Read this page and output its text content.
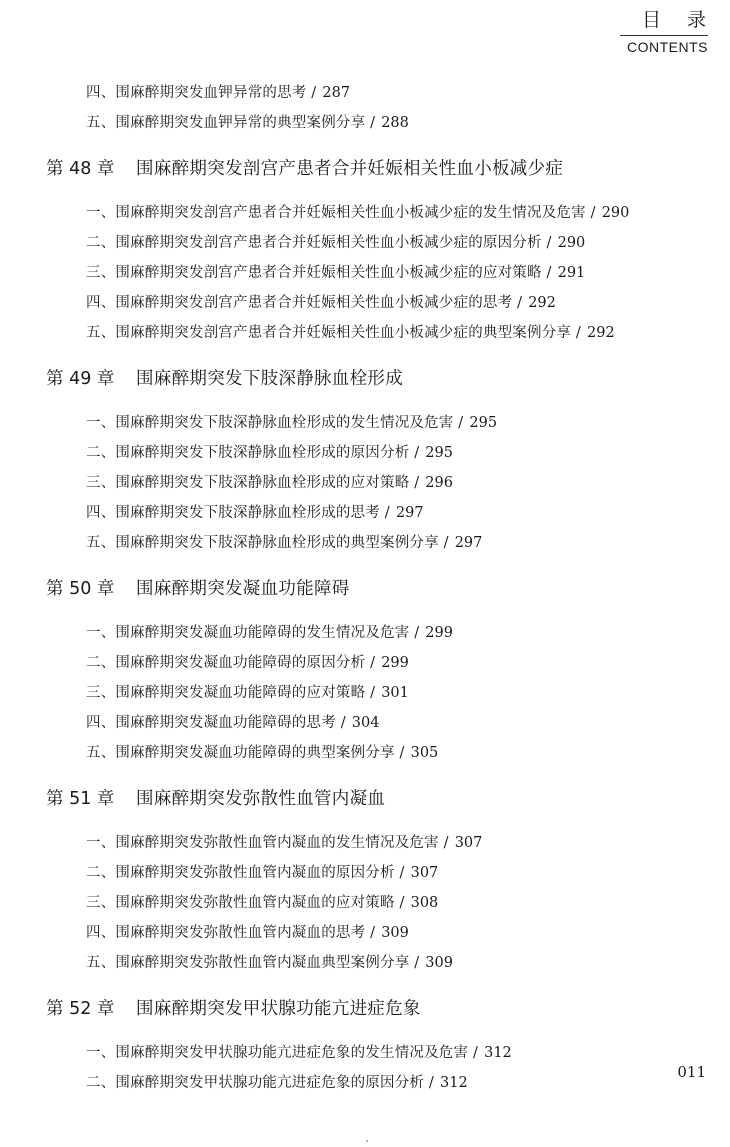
目 录
CONTENTS
四、围麻醉期突发血钾异常的思考 / 287
五、围麻醉期突发血钾异常的典型案例分享 / 288
第 48 章 围麻醉期突发剖宫产患者合并妊娠相关性血小板减少症
一、围麻醉期突发剖宫产患者合并妊娠相关性血小板减少症的发生情况及危害 / 290
二、围麻醉期突发剖宫产患者合并妊娠相关性血小板减少症的原因分析 / 290
三、围麻醉期突发剖宫产患者合并妊娠相关性血小板减少症的应对策略 / 291
四、围麻醉期突发剖宫产患者合并妊娠相关性血小板减少症的思考 / 292
五、围麻醉期突发剖宫产患者合并妊娠相关性血小板减少症的典型案例分享 / 292
第 49 章 围麻醉期突发下肢深静脉血栓形成
一、围麻醉期突发下肢深静脉血栓形成的发生情况及危害 / 295
二、围麻醉期突发下肢深静脉血栓形成的原因分析 / 295
三、围麻醉期突发下肢深静脉血栓形成的应对策略 / 296
四、围麻醉期突发下肢深静脉血栓形成的思考 / 297
五、围麻醉期突发下肢深静脉血栓形成的典型案例分享 / 297
第 50 章 围麻醉期突发凝血功能障碍
一、围麻醉期突发凝血功能障碍的发生情况及危害 / 299
二、围麻醉期突发凝血功能障碍的原因分析 / 299
三、围麻醉期突发凝血功能障碍的应对策略 / 301
四、围麻醉期突发凝血功能障碍的思考 / 304
五、围麻醉期突发凝血功能障碍的典型案例分享 / 305
第 51 章 围麻醉期突发弥散性血管内凝血
一、围麻醉期突发弥散性血管内凝血的发生情况及危害 / 307
二、围麻醉期突发弥散性血管内凝血的原因分析 / 307
三、围麻醉期突发弥散性血管内凝血的应对策略 / 308
四、围麻醉期突发弥散性血管内凝血的思考 / 309
五、围麻醉期突发弥散性血管内凝血典型案例分享 / 309
第 52 章 围麻醉期突发甲状腺功能亢进症危象
一、围麻醉期突发甲状腺功能亢进症危象的发生情况及危害 / 312
二、围麻醉期突发甲状腺功能亢进症危象的原因分析 / 312
011
